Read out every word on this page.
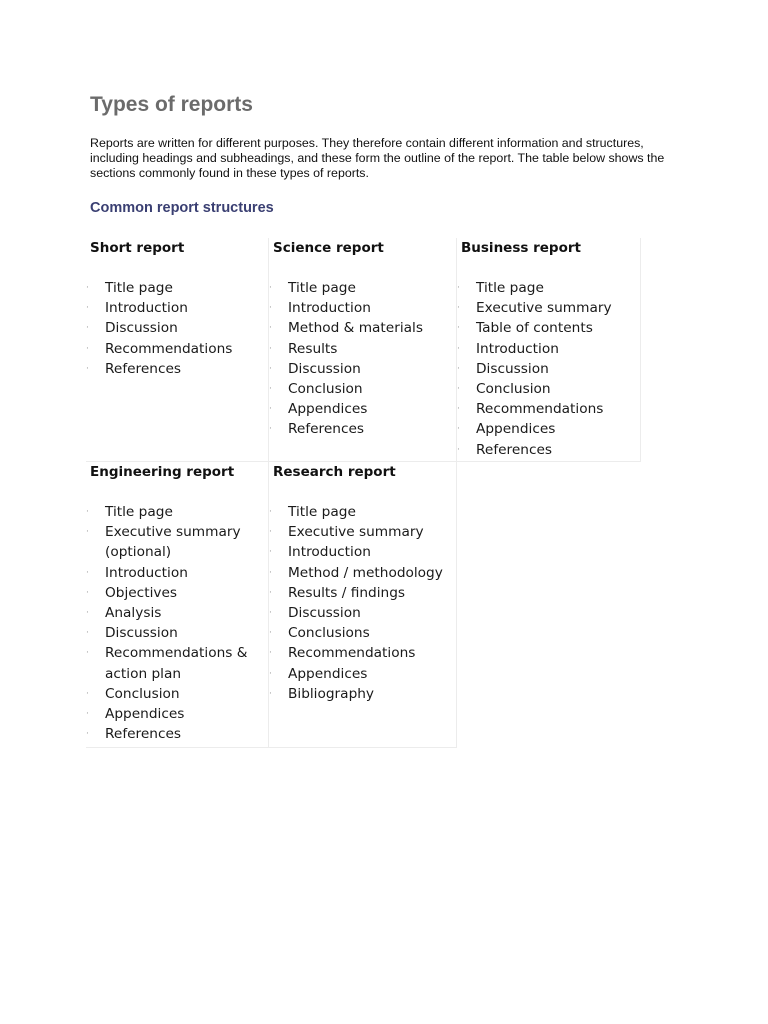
Types of reports

Reports are written for different purposes. They therefore contain different information and structures, including headings and subheadings, and these form the outline of the report. The table below shows the sections commonly found in these types of reports.

Common report structures
Short report
· Title page
· Introduction
· Discussion
· Recommendations
· References
Science report
· Title page
· Introduction
· Method & materials
· Results
· Discussion
· Conclusion
· Appendices
· References
Business report
· Title page
· Executive summary
· Table of contents
· Introduction
· Discussion
· Conclusion
· Recommendations
· Appendices
· References
Engineering report
· Title page
· Executive summary
(optional)
· Introduction
· Objectives
· Analysis
· Discussion
· Recommendations &
action plan
· Conclusion
· Appendices
· References
Research report
· Title page
· Executive summary
· Introduction
· Method / methodology
· Results / findings
· Discussion
· Conclusions
· Recommendations
· Appendices
· Bibliography
